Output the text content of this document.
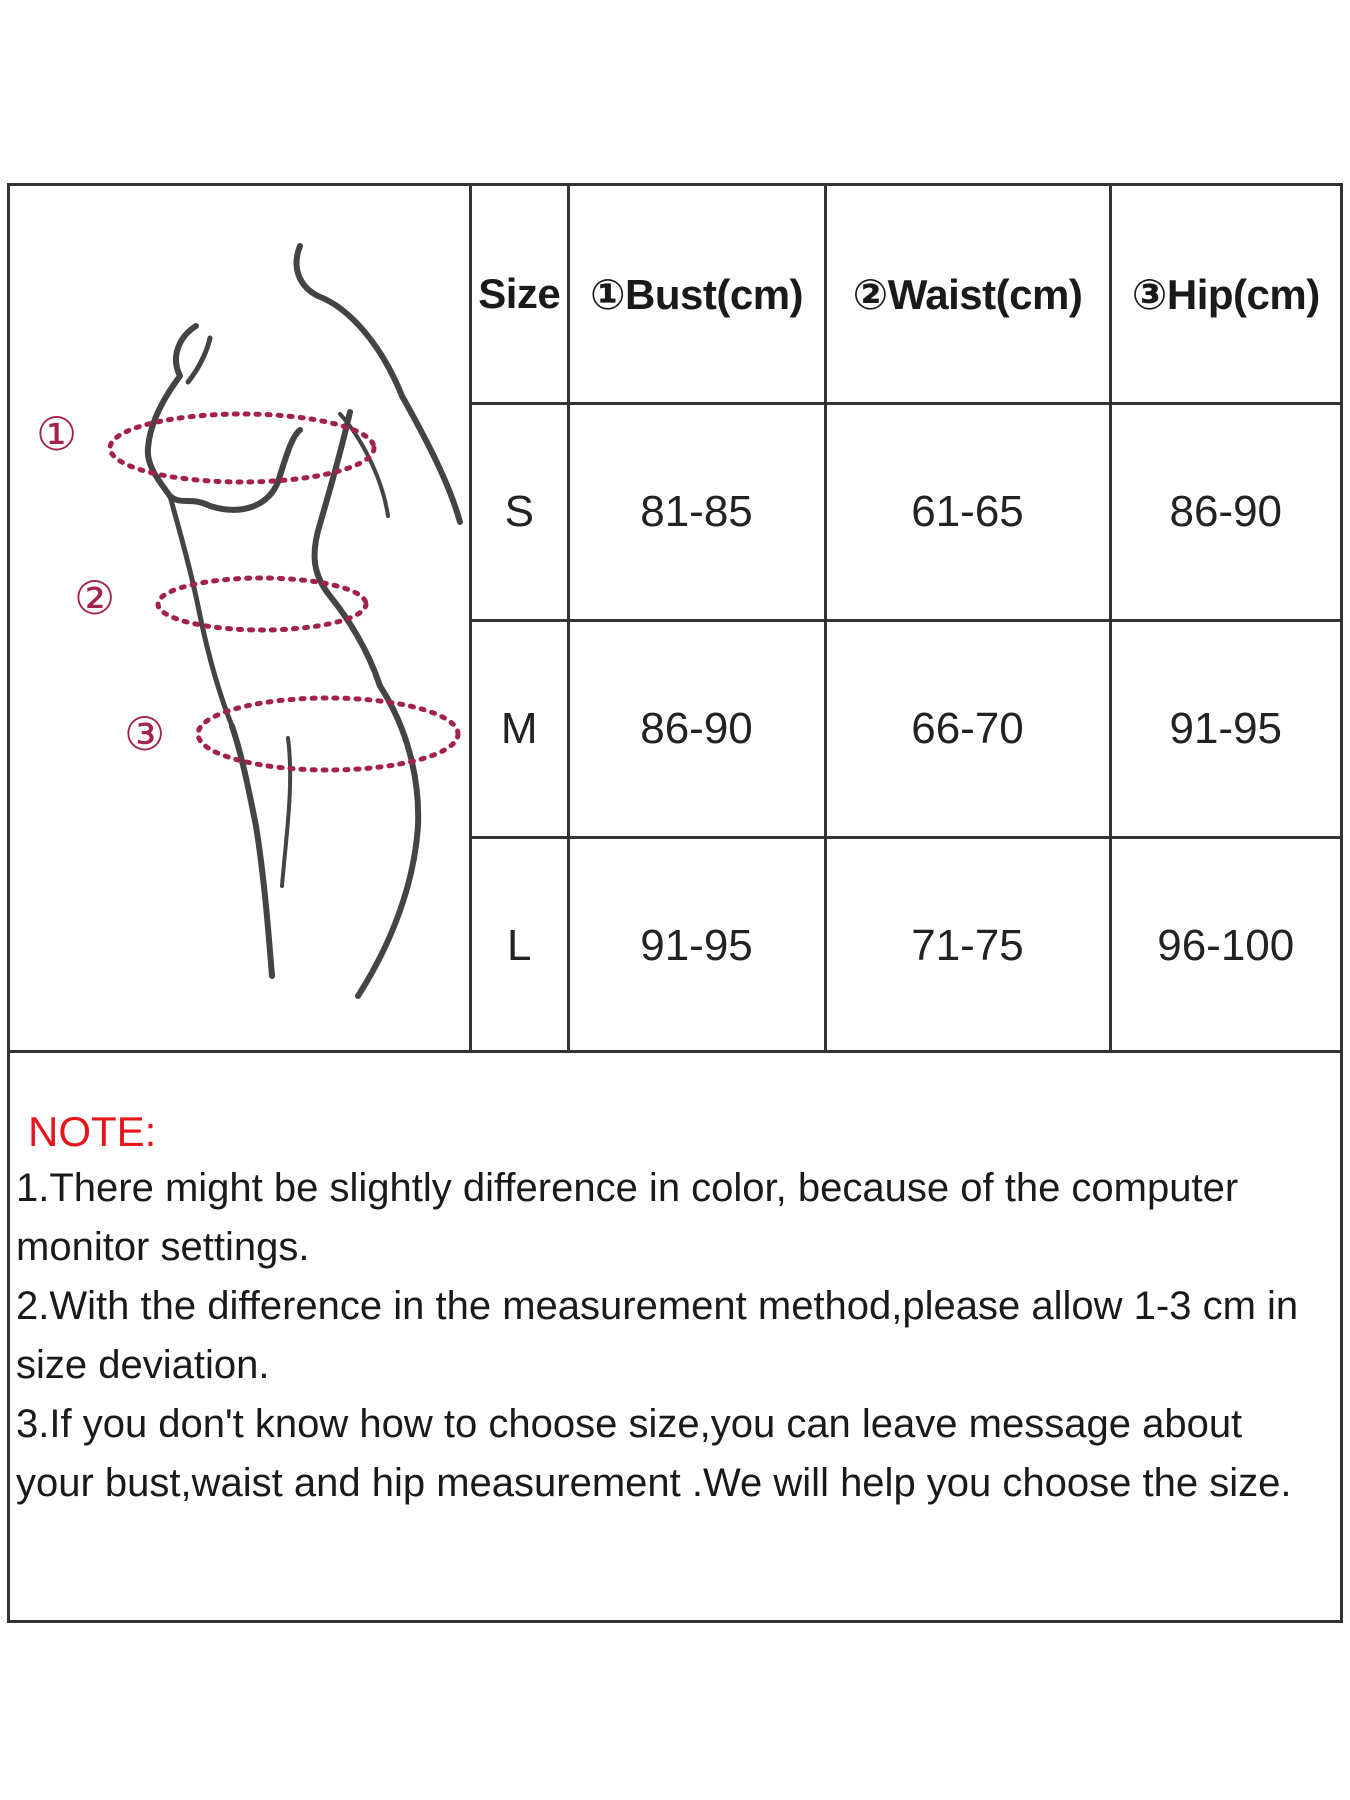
①
②
③
Size	①Bust(cm)	②Waist(cm)	③Hip(cm)
S	81-85	61-65	86-90
M	86-90	66-70	91-95
L	91-95	71-75	96-100
NOTE:
1.There might be slightly difference in color, because of the computer monitor settings.
2.With the difference in the measurement method,please allow 1-3 cm in size deviation.
3.If you don't know how to choose size,you can leave message about your bust,waist and hip measurement .We will help you choose the size.
